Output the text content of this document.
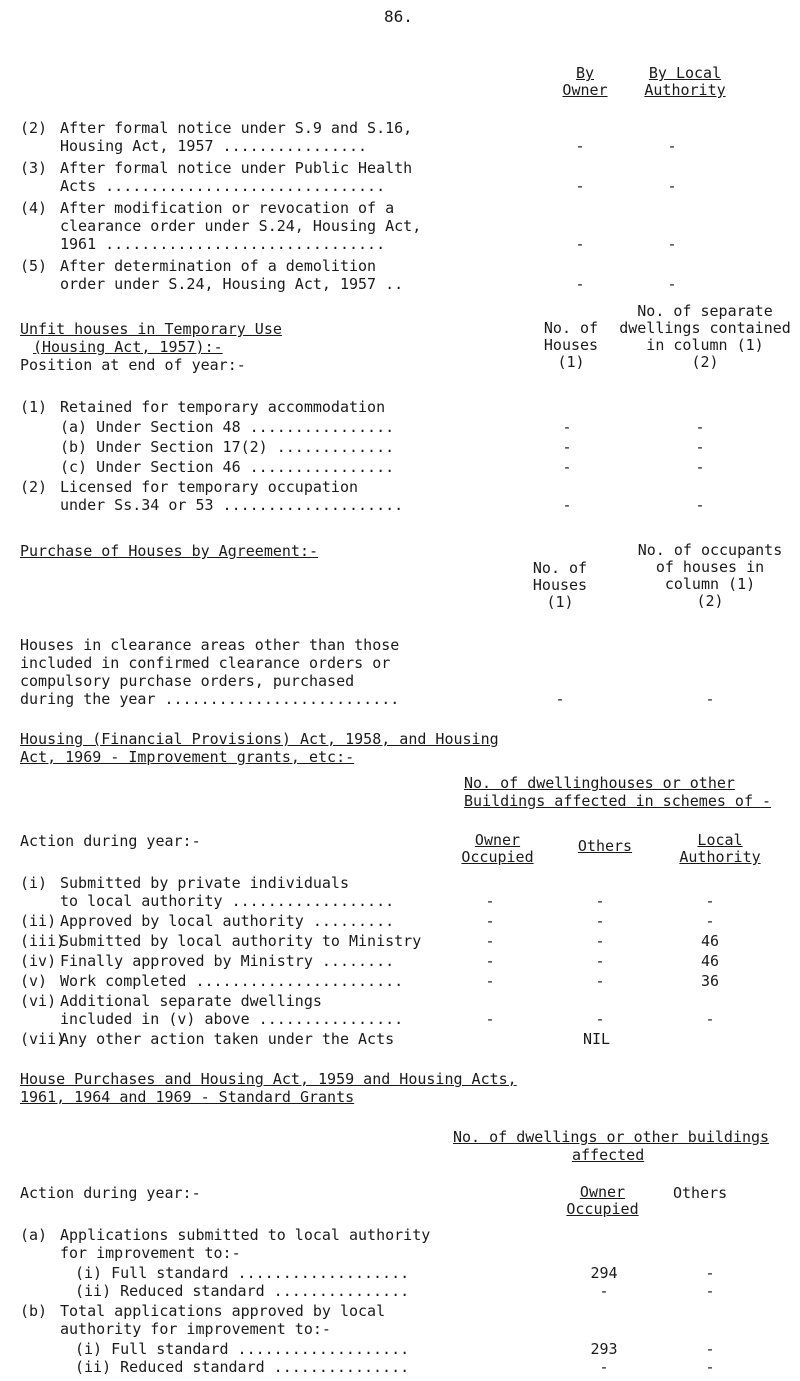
86.
By
Owner
By Local
Authority
(2) After formal notice under S.9 and S.16,
Housing Act, 1957 ................	-	-
(3) After formal notice under Public Health
Acts ...............................	-	-
(4) After modification or revocation of a
clearance order under S.24, Housing Act,
1961 ...............................	-	-
(5) After determination of a demolition
order under S.24, Housing Act, 1957 ..	-	-
Unfit houses in Temporary Use
(Housing Act, 1957):-
Position at end of year:-
No. of
Houses
(1)
No. of separate
dwellings contained
in column (1)
(2)
(1) Retained for temporary accommodation
(a) Under Section 48 ................	-	-
(b) Under Section 17(2) .............	-	-
(c) Under Section 46 ................	-	-
(2) Licensed for temporary occupation
under Ss.34 or 53 ....................	-	-
Purchase of Houses by Agreement:-
No. of
Houses
(1)
No. of occupants
of houses in
column (1)
(2)
Houses in clearance areas other than those
included in confirmed clearance orders or
compulsory purchase orders, purchased
during the year ..........................	-	-
Housing (Financial Provisions) Act, 1958, and Housing
Act, 1969 - Improvement grants, etc:-
No. of dwellinghouses or other
Buildings affected in schemes of -
Action during year:-	Owner
Occupied
Others	Local
Authority
(i) Submitted by private individuals
to local authority ..................	-	-	-
(ii) Approved by local authority .........	-	-	-
(iii)
Submitted by local authority to Ministry	-	-	46
(iv) Finally approved by Ministry ........	-	-	46
(v) Work completed .......................	-	-	36
(vi) Additional separate dwellings
included in (v) above ................	-	-	-
(vii)
Any other action taken under the Acts	NIL
House Purchases and Housing Act, 1959 and Housing Acts,
1961, 1964 and 1969 - Standard Grants
No. of dwellings or other buildings
affected
Action during year:-	Owner
Occupied
Others
(a) Applications submitted to local authority
for improvement to:-
(i) Full standard ...................	294	-
(ii) Reduced standard ...............	-	-
(b) Total applications approved by local
authority for improvement to:-
(i) Full standard ...................	293	-
(ii) Reduced standard ...............	-	-
